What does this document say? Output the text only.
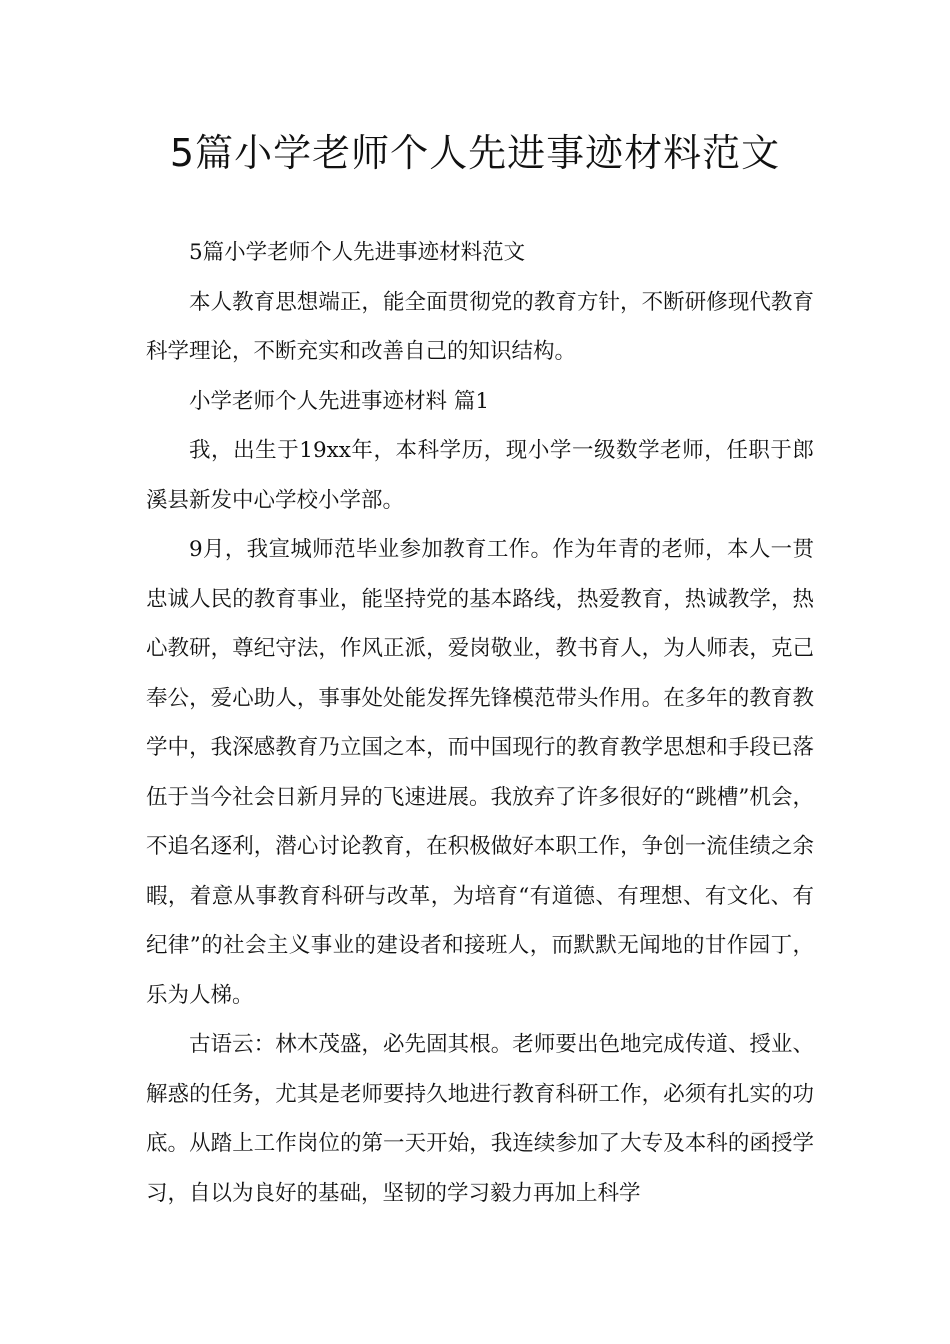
5篇小学老师个人先进事迹材料范文

5篇小学老师个人先进事迹材料范文

本人教育思想端正，能全面贯彻党的教育方针，不断研修现代教育科学理论，不断充实和改善自己的知识结构。

小学老师个人先进事迹材料 篇1

我，出生于19xx年，本科学历，现小学一级数学老师，任职于郎溪县新发中心学校小学部。

9月，我宣城师范毕业参加教育工作。作为年青的老师，本人一贯忠诚人民的教育事业，能坚持党的基本路线，热爱教育，热诚教学，热心教研，尊纪守法，作风正派，爱岗敬业，教书育人，为人师表，克己奉公，爱心助人，事事处处能发挥先锋模范带头作用。在多年的教育教学中，我深感教育乃立国之本，而中国现行的教育教学思想和手段已落伍于当今社会日新月异的飞速进展。我放弃了许多很好的“跳槽”机会，不追名逐利，潜心讨论教育，在积极做好本职工作，争创一流佳绩之余暇，着意从事教育科研与改革，为培育“有道德、有理想、有文化、有纪律”的社会主义事业的建设者和接班人，而默默无闻地的甘作园丁，乐为人梯。

古语云：林木茂盛，必先固其根。老师要出色地完成传道、授业、解惑的任务，尤其是老师要持久地进行教育科研工作，必须有扎实的功底。从踏上工作岗位的第一天开始，我连续参加了大专及本科的函授学习，自以为良好的基础，坚韧的学习毅力再加上科学
